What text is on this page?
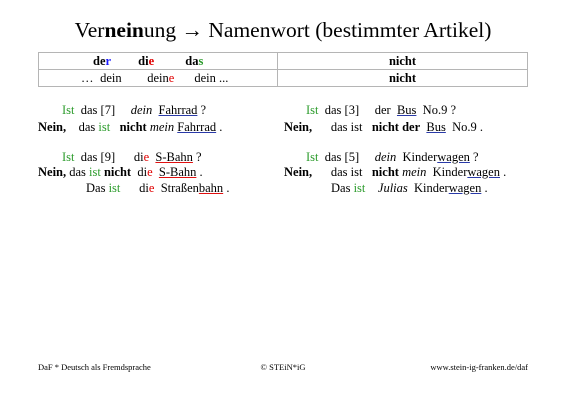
Verneinung → Namenwort (bestimmter Artikel)
der die das	nicht
… dein deine dein ...	nicht
Ist das [7] dein Fahrrad ?
Nein, das ist nicht mein Fahrrad .
Ist das [3] der Bus No.9 ?
Nein, das ist nicht der Bus No.9 .
Ist das [9] die S-Bahn ?
Nein, das ist nicht die S-Bahn .
Das ist die Straßenbahn .
Ist das [5] dein Kinderwagen ?
Nein, das ist nicht mein Kinderwagen .
Das ist Julias Kinderwagen .
DaF * Deutsch als Fremdsprache	© STEiN*iG	www.stein-ig-franken.de/daf
